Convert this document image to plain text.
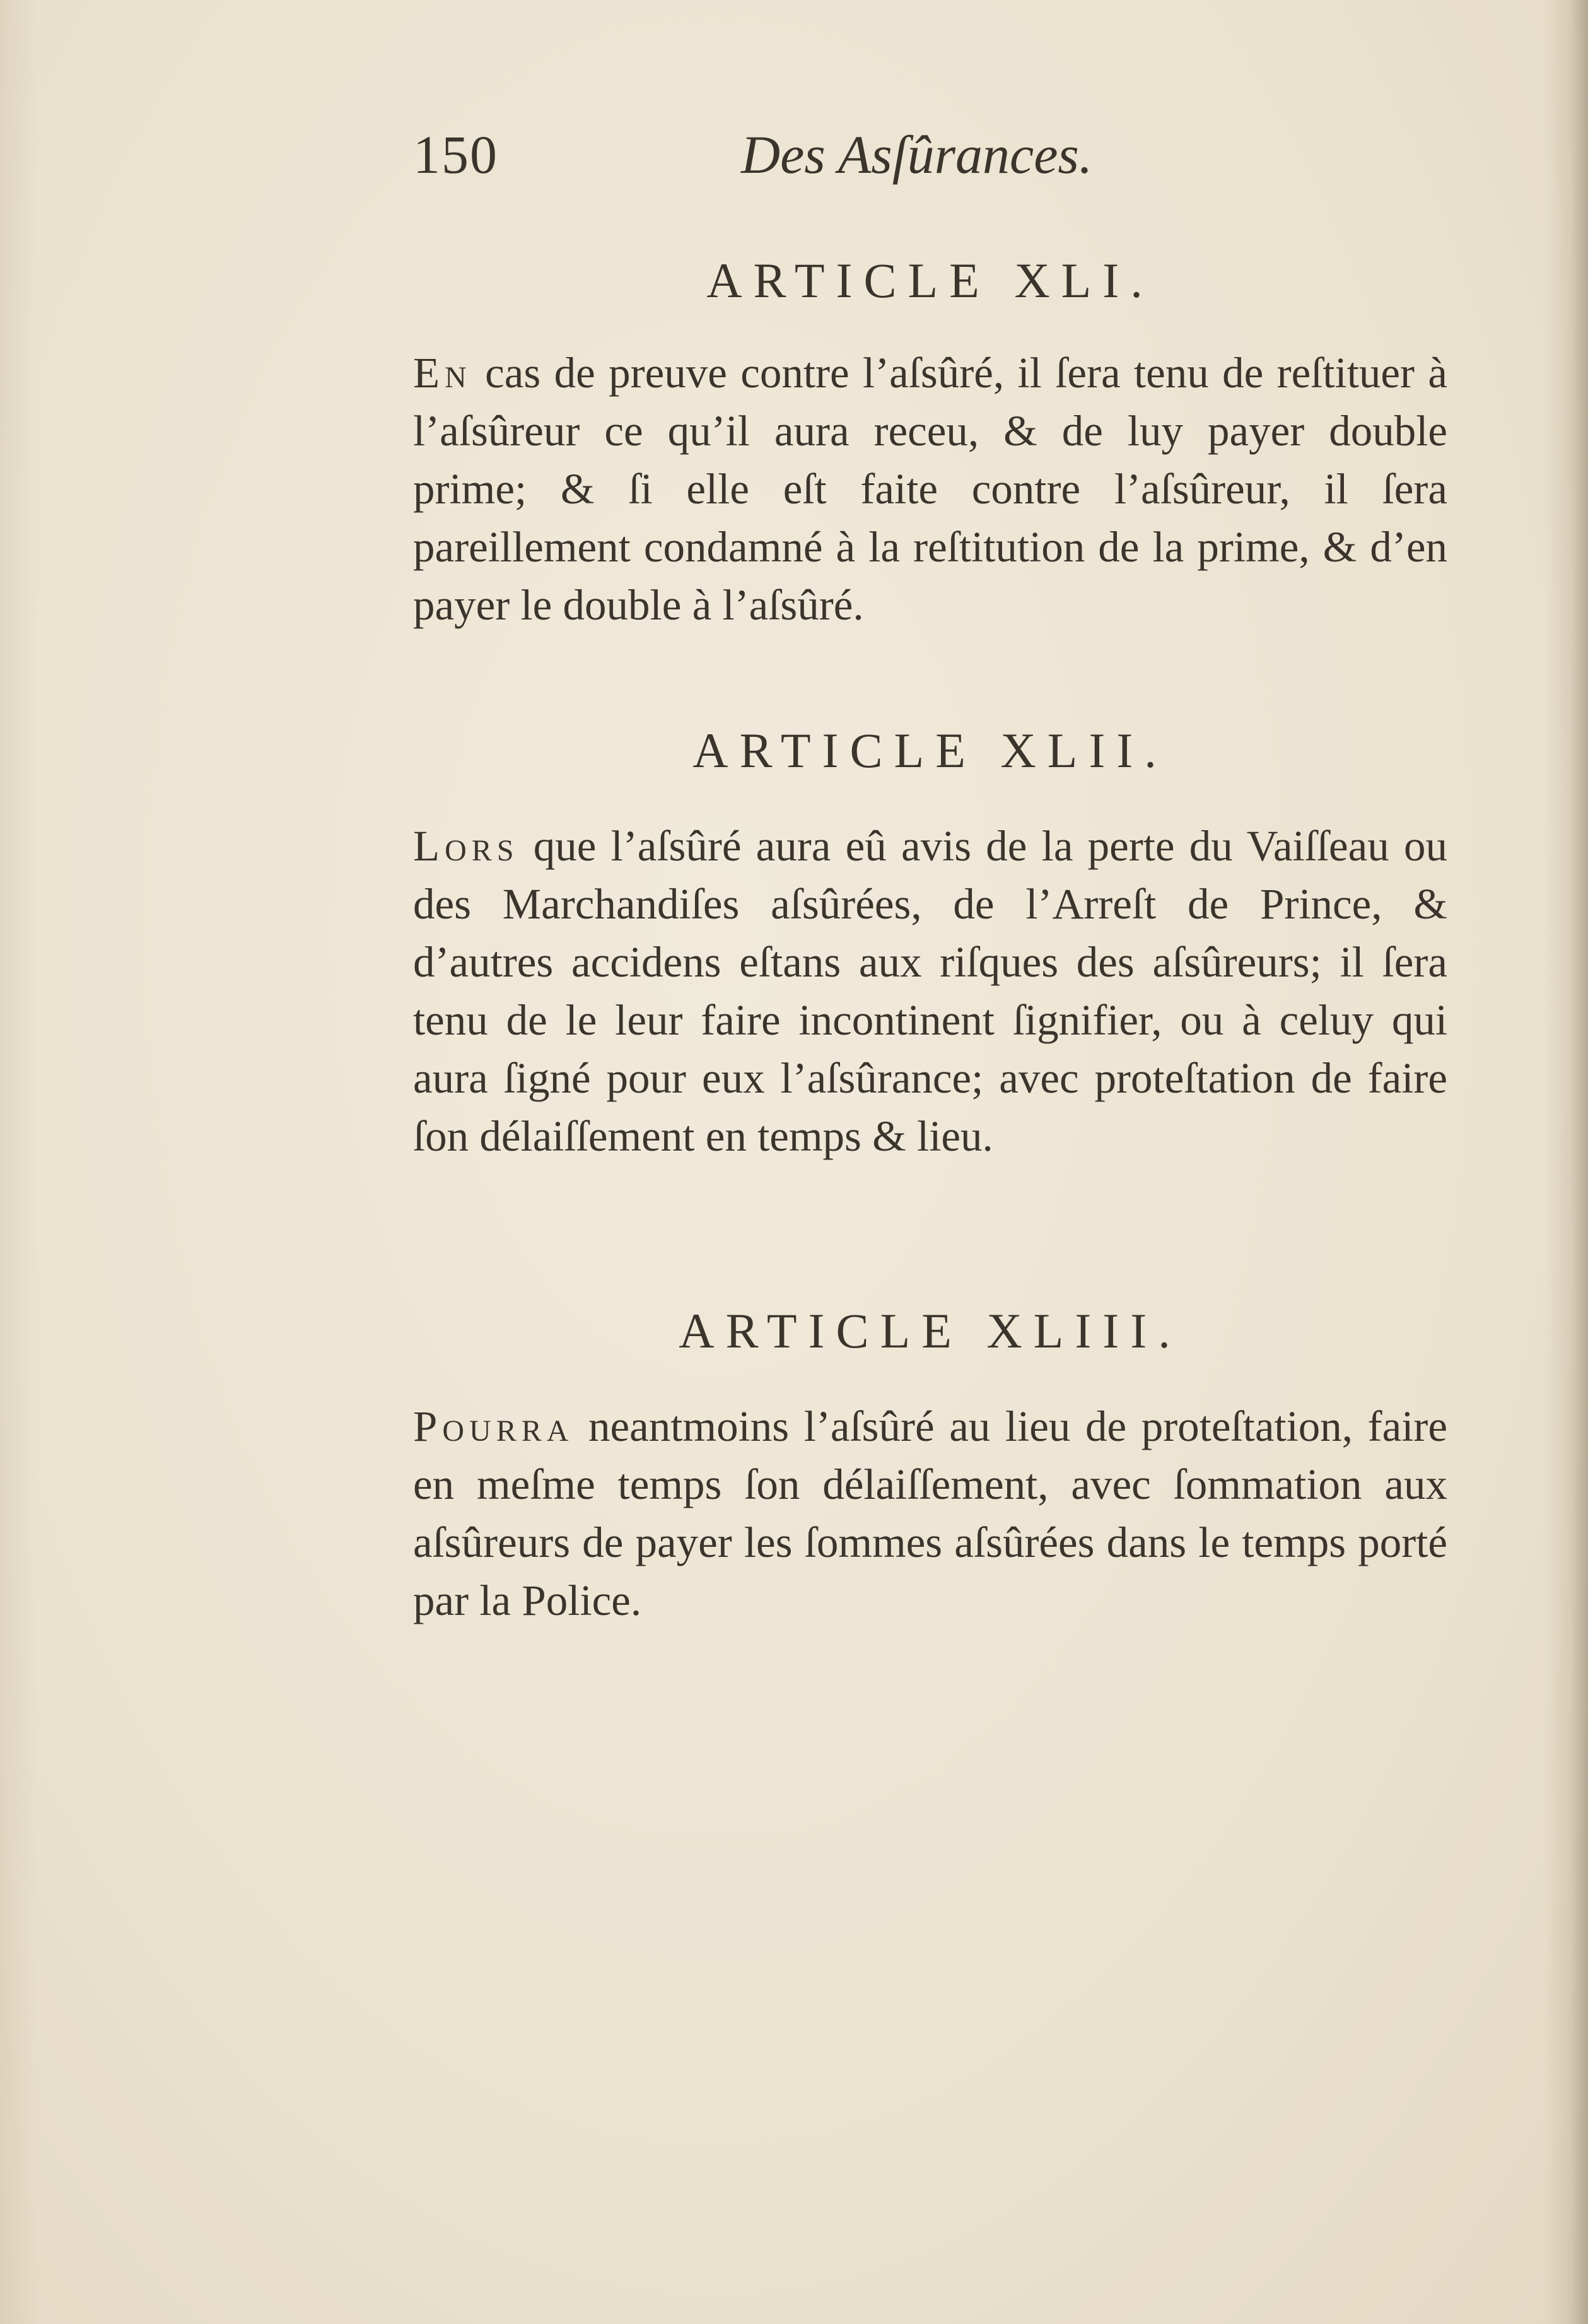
150	Des Asſûrances.
ARTICLE XLI.

En cas de preuve contre l’aſsûré, il ſera tenu de reſtituer à l’aſsûreur ce qu’il aura receu, & de luy payer double prime; & ſi elle eſt faite contre l’aſsûreur, il ſera pareillement condamné à la reſtitution de la prime, & d’en payer le double à l’aſsûré.

ARTICLE XLII.

Lors que l’aſsûré aura eû avis de la perte du Vaiſſeau ou des Marchandiſes aſsûrées, de l’Arreſt de Prince, & d’autres accidens eſtans aux riſques des aſsûreurs; il ſera tenu de le leur faire incontinent ſignifier, ou à celuy qui aura ſigné pour eux l’aſsûrance; avec proteſtation de faire ſon délaiſſement en temps & lieu.

ARTICLE XLIII.

Pourra neantmoins l’aſsûré au lieu de proteſtation, faire en meſme temps ſon délaiſſement, avec ſommation aux aſsûreurs de payer les ſommes aſsûrées dans le temps porté par la Police.
